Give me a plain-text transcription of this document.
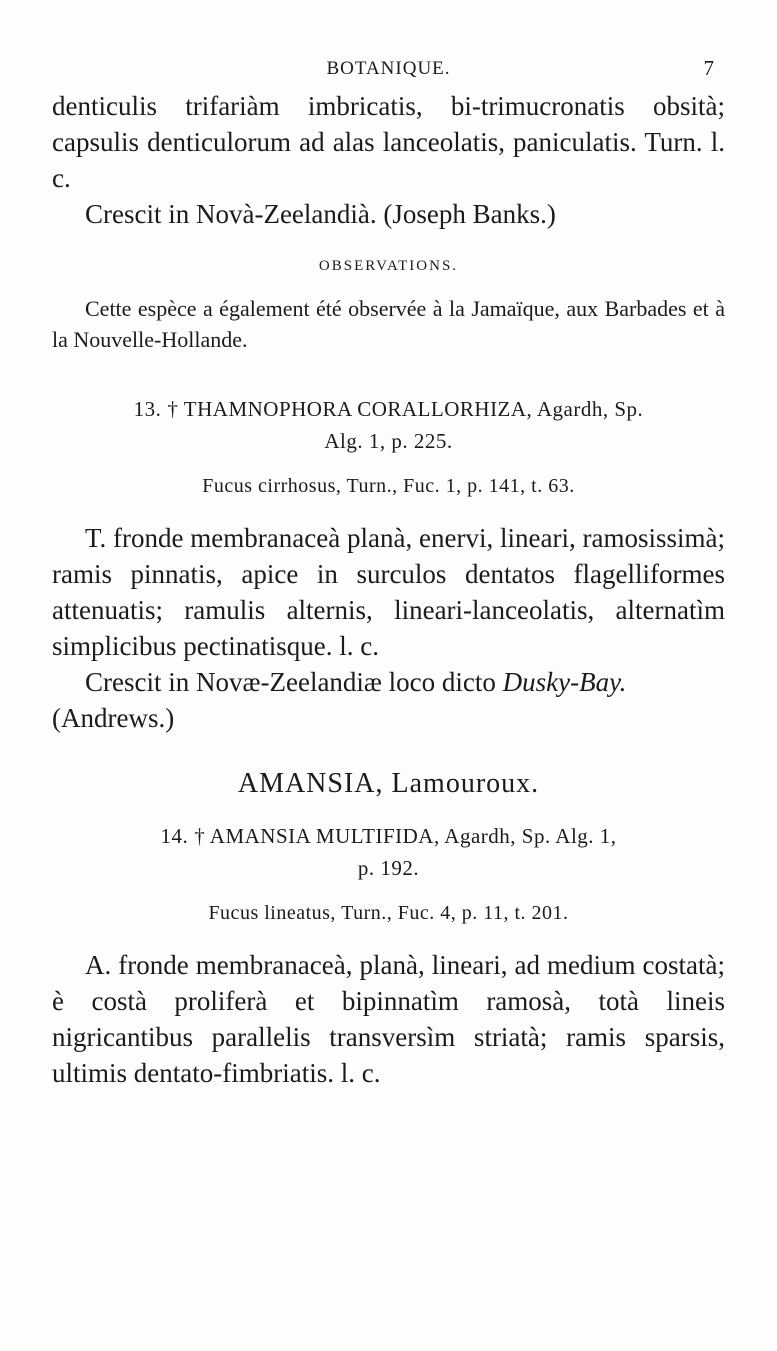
BOTANIQUE.	7

denticulis trifariàm imbricatis, bi-trimucronatis obsità; capsulis denticulorum ad alas lanceolatis, paniculatis. Turn. l. c.

Crescit in Novà-Zeelandià. (Joseph Banks.)

OBSERVATIONS.

Cette espèce a également été observée à la Jamaïque, aux Barbades et à la Nouvelle-Hollande.

13. † THAMNOPHORA CORALLORHIZA, Agardh, Sp.
Alg. 1, p. 225.
Fucus cirrhosus, Turn., Fuc. 1, p. 141, t. 63.

T. fronde membranaceà planà, enervi, lineari, ramosissimà; ramis pinnatis, apice in surculos dentatos flagelliformes attenuatis; ramulis alternis, lineari-lanceolatis, alternatìm simplicibus pectinatisque. l. c.

Crescit in Novæ-Zeelandiæ loco dicto Dusky-Bay.

(Andrews.)

AMANSIA, Lamouroux.
14. † AMANSIA MULTIFIDA, Agardh, Sp. Alg. 1,
p. 192.
Fucus lineatus, Turn., Fuc. 4, p. 11, t. 201.

A. fronde membranaceà, planà, lineari, ad medium costatà; è costà proliferà et bipinnatìm ramosà, totà lineis nigricantibus parallelis transversìm striatà; ramis sparsis, ultimis dentato-fimbriatis. l. c.
